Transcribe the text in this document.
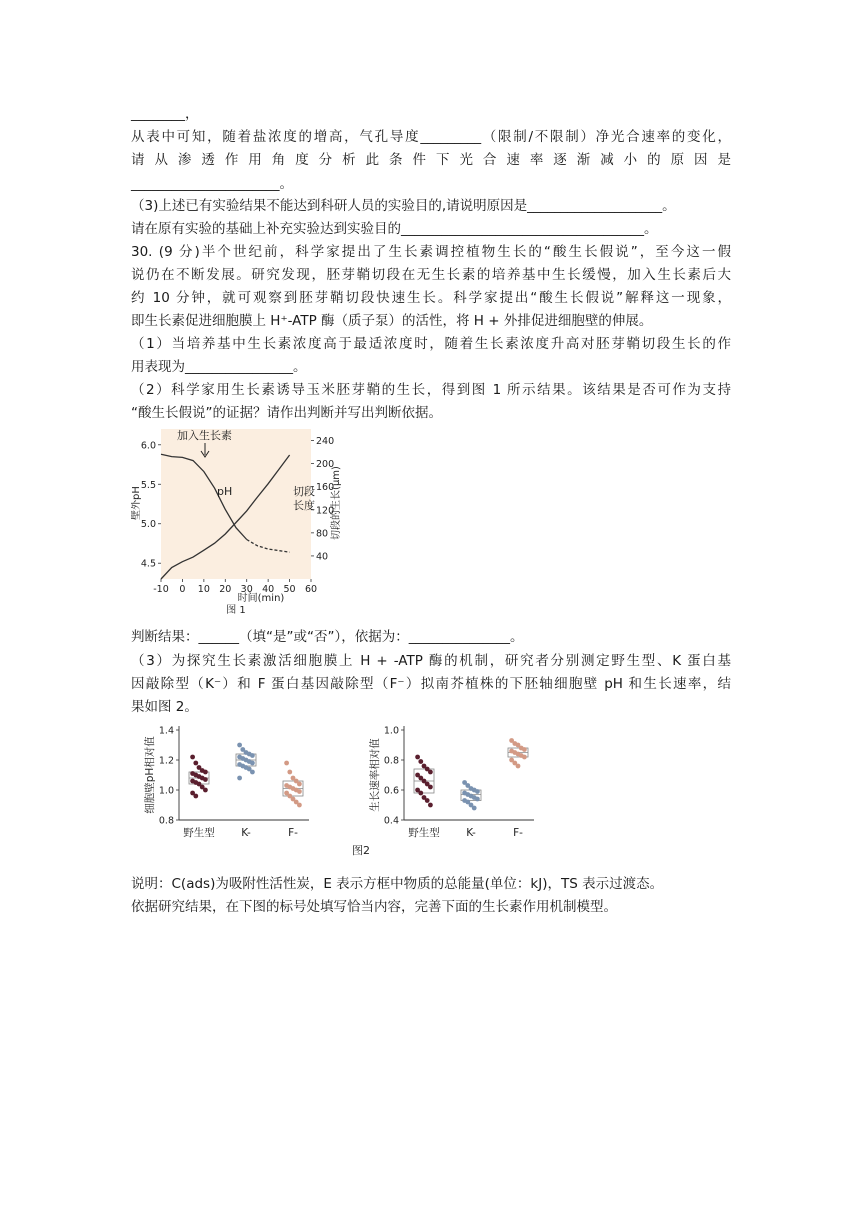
________，
从表中可知，随着盐浓度的增高，气孔导度_________（限制/不限制）净光合速率的变化，
请 从 渗 透 作 用 角 度 分 析 此 条 件 下 光 合 速 率 逐 渐 减 小 的 原 因 是
______________________。
（3)上述已有实验结果不能达到科研人员的实验目的,请说明原因是____________________。
请在原有实验的基础上补充实验达到实验目的____________________________________。
30. (9 分)半个世纪前，科学家提出了生长素调控植物生长的“酸生长假说”，至今这一假
说仍在不断发展。研究发现，胚芽鞘切段在无生长素的培养基中生长缓慢，加入生长素后大
约 10 分钟，就可观察到胚芽鞘切段快速生长。科学家提出“酸生长假说”解释这一现象，
即生长素促进细胞膜上 H⁺-ATP 酶（质子泵）的活性，将 H + 外排促进细胞壁的伸展。
（1）当培养基中生长素浓度高于最适浓度时，随着生长素浓度升高对胚芽鞘切段生长的作
用表现为________________。
（2）科学家用生长素诱导玉米胚芽鞘的生长，得到图 1 所示结果。该结果是否可作为支持
“酸生长假说”的证据？请作出判断并写出判断依据。
-10 0 10 20 30 40 50 60
6.0
5.5
5.0
4.5
240
200
160
120
80
40
加入生长素
pH	切段
长度
壁外pH	切段的生长(μm)
时间(min)
图 1
判断结果：______（填“是”或“否”），依据为：_______________。
（3）为探究生长素激活细胞膜上 H + -ATP 酶的机制，研究者分别测定野生型、K 蛋白基
因敲除型（K⁻）和 F 蛋白基因敲除型（F⁻）拟南芥植株的下胚轴细胞壁 pH 和生长速率，结
果如图 2。
1.4
1.2
1.0
0.8
细胞壁pH相对值
野生型	K-	F-
1.0
0.8
0.6
0.4
生长速率相对值
野生型	K-	F-
图2
说明：C(ads)为吸附性活性炭，E 表示方框中物质的总能量(单位：kJ)，TS 表示过渡态。
依据研究结果，在下图的标号处填写恰当内容，完善下面的生长素作用机制模型。
